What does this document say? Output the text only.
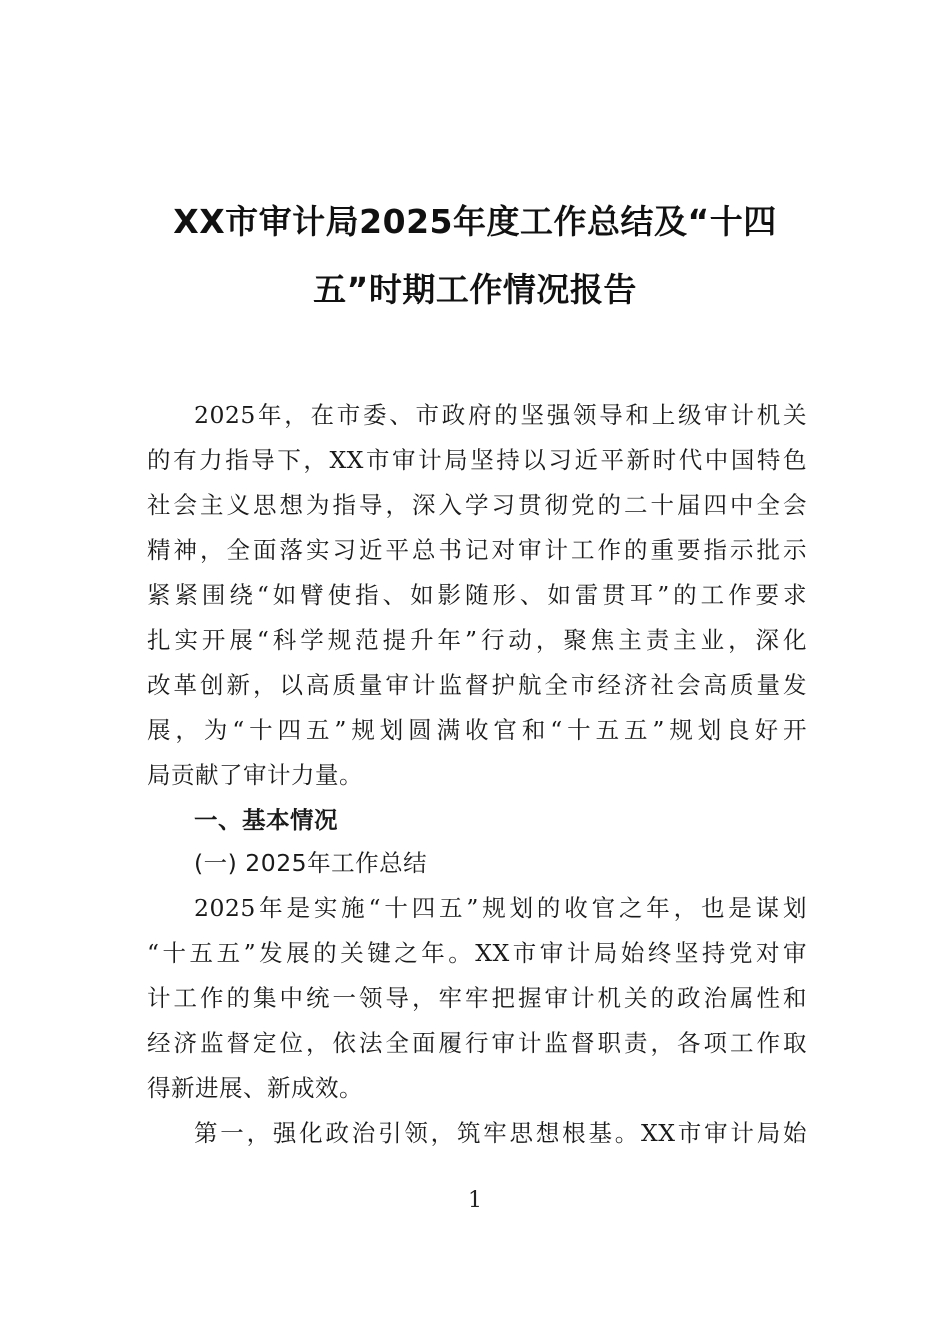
XX市审计局2025年度工作总结及“十四
五”时期工作情况报告
2025年，在市委、市政府的坚强领导和上级审计机关
的有力指导下，XX市审计局坚持以习近平新时代中国特色
社会主义思想为指导，深入学习贯彻党的二十届四中全会
精神，全面落实习近平总书记对审计工作的重要指示批示
紧紧围绕“如臂使指、如影随形、如雷贯耳”的工作要求
扎实开展“科学规范提升年”行动，聚焦主责主业，深化
改革创新，以高质量审计监督护航全市经济社会高质量发
展，为“十四五”规划圆满收官和“十五五”规划良好开
局贡献了审计力量。
一、基本情况
(一) 2025年工作总结
2025年是实施“十四五”规划的收官之年，也是谋划
“十五五”发展的关键之年。XX市审计局始终坚持党对审
计工作的集中统一领导，牢牢把握审计机关的政治属性和
经济监督定位，依法全面履行审计监督职责，各项工作取
得新进展、新成效。
第一，强化政治引领，筑牢思想根基。XX市审计局始
1
